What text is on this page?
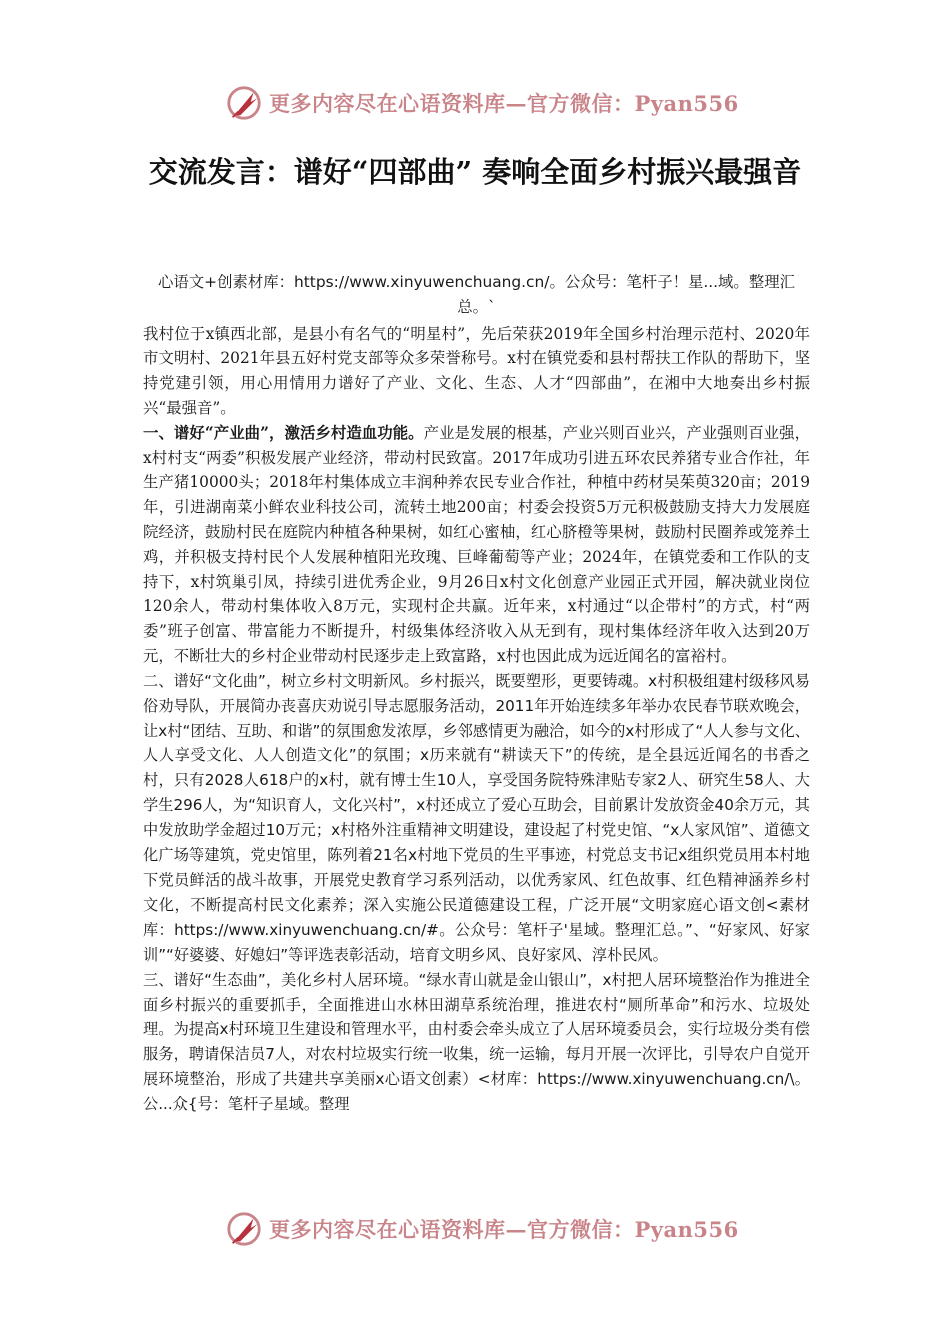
更多内容尽在心语资料库—官方微信：Pyan556
交流发言：谱好“四部曲” 奏响全面乡村振兴最强音

心语文+创素材库：https://www.xinyuwenchuang.cn/。公众号：笔杆子！星...域。整理汇总。`

我村位于x镇西北部，是县小有名气的“明星村”，先后荣获2019年全国乡村治理示范村、2020年市文明村、2021年县五好村党支部等众多荣誉称号。x村在镇党委和县村帮扶工作队的帮助下，坚持党建引领，用心用情用力谱好了产业、文化、生态、人才“四部曲”，在湘中大地奏出乡村振兴“最强音”。

一、谱好“产业曲”，激活乡村造血功能。产业是发展的根基，产业兴则百业兴，产业强则百业强，x村村支“两委”积极发展产业经济，带动村民致富。2017年成功引进五环农民养猪专业合作社，年生产猪10000头；2018年村集体成立丰润种养农民专业合作社，种植中药材吴茱萸320亩；2019年，引进湖南菜小鲜农业科技公司，流转土地200亩；村委会投资5万元积极鼓励支持大力发展庭院经济，鼓励村民在庭院内种植各种果树，如红心蜜柚，红心脐橙等果树，鼓励村民圈养或笼养土鸡，并积极支持村民个人发展种植阳光玫瑰、巨峰葡萄等产业；2024年，在镇党委和工作队的支持下，x村筑巢引凤，持续引进优秀企业，9月26日x村文化创意产业园正式开园，解决就业岗位120余人，带动村集体收入8万元，实现村企共赢。近年来，x村通过“以企带村”的方式，村“两委”班子创富、带富能力不断提升，村级集体经济收入从无到有，现村集体经济年收入达到20万元，不断壮大的乡村企业带动村民逐步走上致富路，x村也因此成为远近闻名的富裕村。

二、谱好“文化曲”，树立乡村文明新风。乡村振兴，既要塑形，更要铸魂。x村积极组建村级移风易俗劝导队，开展简办丧喜庆劝说引导志愿服务活动，2011年开始连续多年举办农民春节联欢晚会，让x村“团结、互助、和谐”的氛围愈发浓厚，乡邻感情更为融洽，如今的x村形成了“人人参与文化、人人享受文化、人人创造文化”的氛围；x历来就有“耕读天下”的传统，是全县远近闻名的书香之村，只有2028人618户的x村，就有博士生10人，享受国务院特殊津贴专家2人、研究生58人、大学生296人，为“知识育人，文化兴村”，x村还成立了爱心互助会，目前累计发放资金40余万元，其中发放助学金超过10万元；x村格外注重精神文明建设，建设起了村党史馆、“x人家风馆”、道德文化广场等建筑，党史馆里，陈列着21名x村地下党员的生平事迹，村党总支书记x组织党员用本村地下党员鲜活的战斗故事，开展党史教育学习系列活动，以优秀家风、红色故事、红色精神涵养乡村文化，不断提高村民文化素养；深入实施公民道德建设工程，广泛开展“文明家庭心语文创<素材库：https://www.xinyuwenchuang.cn/#。公众号：笔杆子'星域。整理汇总。”、“好家风、好家训”“好婆婆、好媳妇”等评选表彰活动，培育文明乡风、良好家风、淳朴民风。

三、谱好“生态曲”，美化乡村人居环境。“绿水青山就是金山银山”，x村把人居环境整治作为推进全面乡村振兴的重要抓手，全面推进山水林田湖草系统治理，推进农村“厕所革命”和污水、垃圾处理。为提高x村环境卫生建设和管理水平，由村委会牵头成立了人居环境委员会，实行垃圾分类有偿服务，聘请保洁员7人，对农村垃圾实行统一收集，统一运输，每月开展一次评比，引导农户自觉开展环境整治，形成了共建共享美丽x心语文创素）<材库：https://www.xinyuwenchuang.cn/\。公...众{号：笔杆子星域。整理

更多内容尽在心语资料库—官方微信：Pyan556
